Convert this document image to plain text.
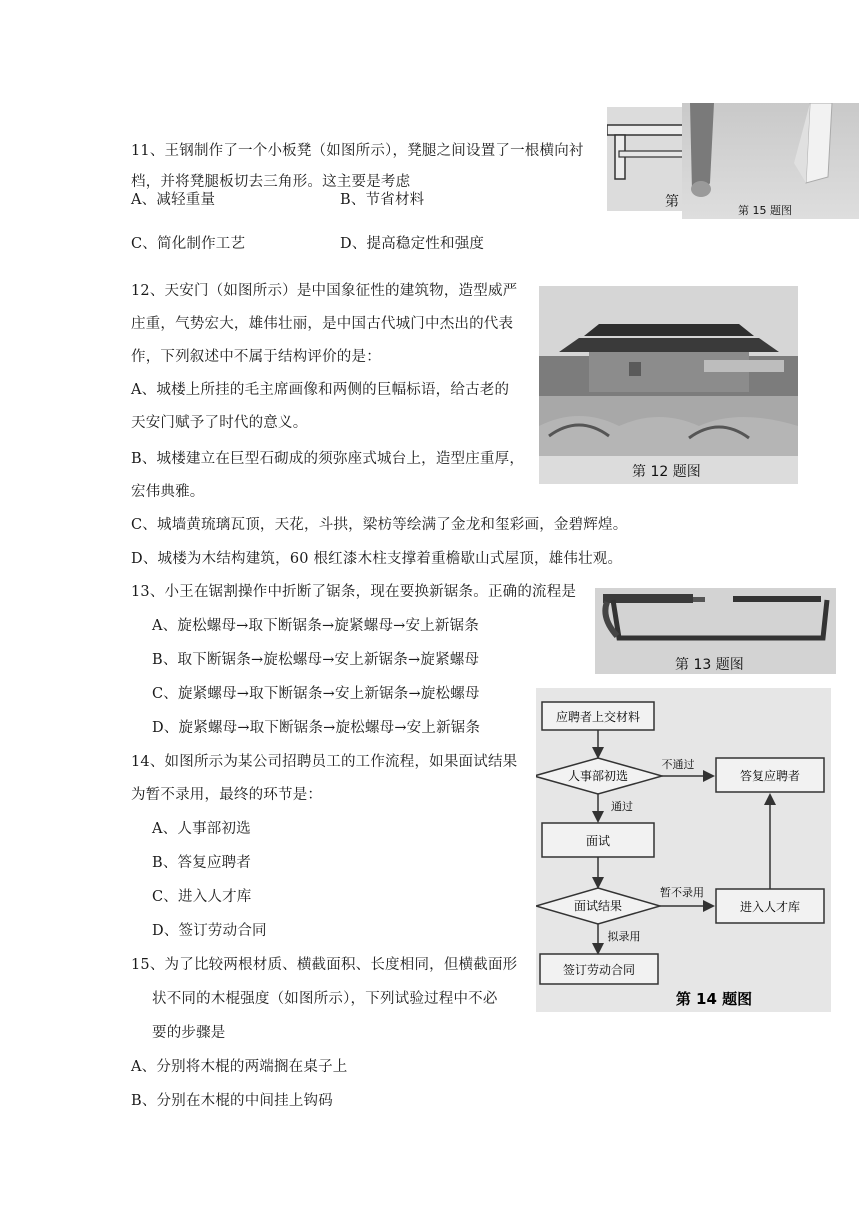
11、王钢制作了一个小板凳（如图所示），凳腿之间设置了一根横向衬
档，并将凳腿板切去三角形。这主要是考虑
A、减轻重量	B、节省材料
C、简化制作工艺	D、提高稳定性和强度
第
第 15 题图
12、天安门（如图所示）是中国象征性的建筑物，造型威严
庄重，气势宏大，雄伟壮丽，是中国古代城门中杰出的代表
作，下列叙述中不属于结构评价的是：
A、城楼上所挂的毛主席画像和两侧的巨幅标语，给古老的
天安门赋予了时代的意义。
B、城楼建立在巨型石砌成的须弥座式城台上，造型庄重厚，
宏伟典雅。
C、城墙黄琉璃瓦顶，天花，斗拱，梁枋等绘满了金龙和玺彩画，金碧辉煌。
D、城楼为木结构建筑，60 根红漆木柱支撑着重檐歇山式屋顶，雄伟壮观。
第 12 题图
13、小王在锯割操作中折断了锯条，现在要换新锯条。正确的流程是
A、旋松螺母→取下断锯条→旋紧螺母→安上新锯条
B、取下断锯条→旋松螺母→安上新锯条→旋紧螺母
C、旋紧螺母→取下断锯条→安上新锯条→旋松螺母
D、旋紧螺母→取下断锯条→旋松螺母→安上新锯条
第 13 题图
14、如图所示为某公司招聘员工的工作流程，如果面试结果
为暂不录用，最终的环节是：
A、人事部初选
B、答复应聘者
C、进入人才库
D、签订劳动合同
应聘者上交材料
人事部初选
不通过
答复应聘者
通过
面试
面试结果
暂不录用
进入人才库
拟录用
签订劳动合同
第 14 题图
15、为了比较两根材质、横截面积、长度相同，但横截面形
状不同的木棍强度（如图所示），下列试验过程中不必
要的步骤是
A、分别将木棍的两端搁在桌子上
B、分别在木棍的中间挂上钩码
